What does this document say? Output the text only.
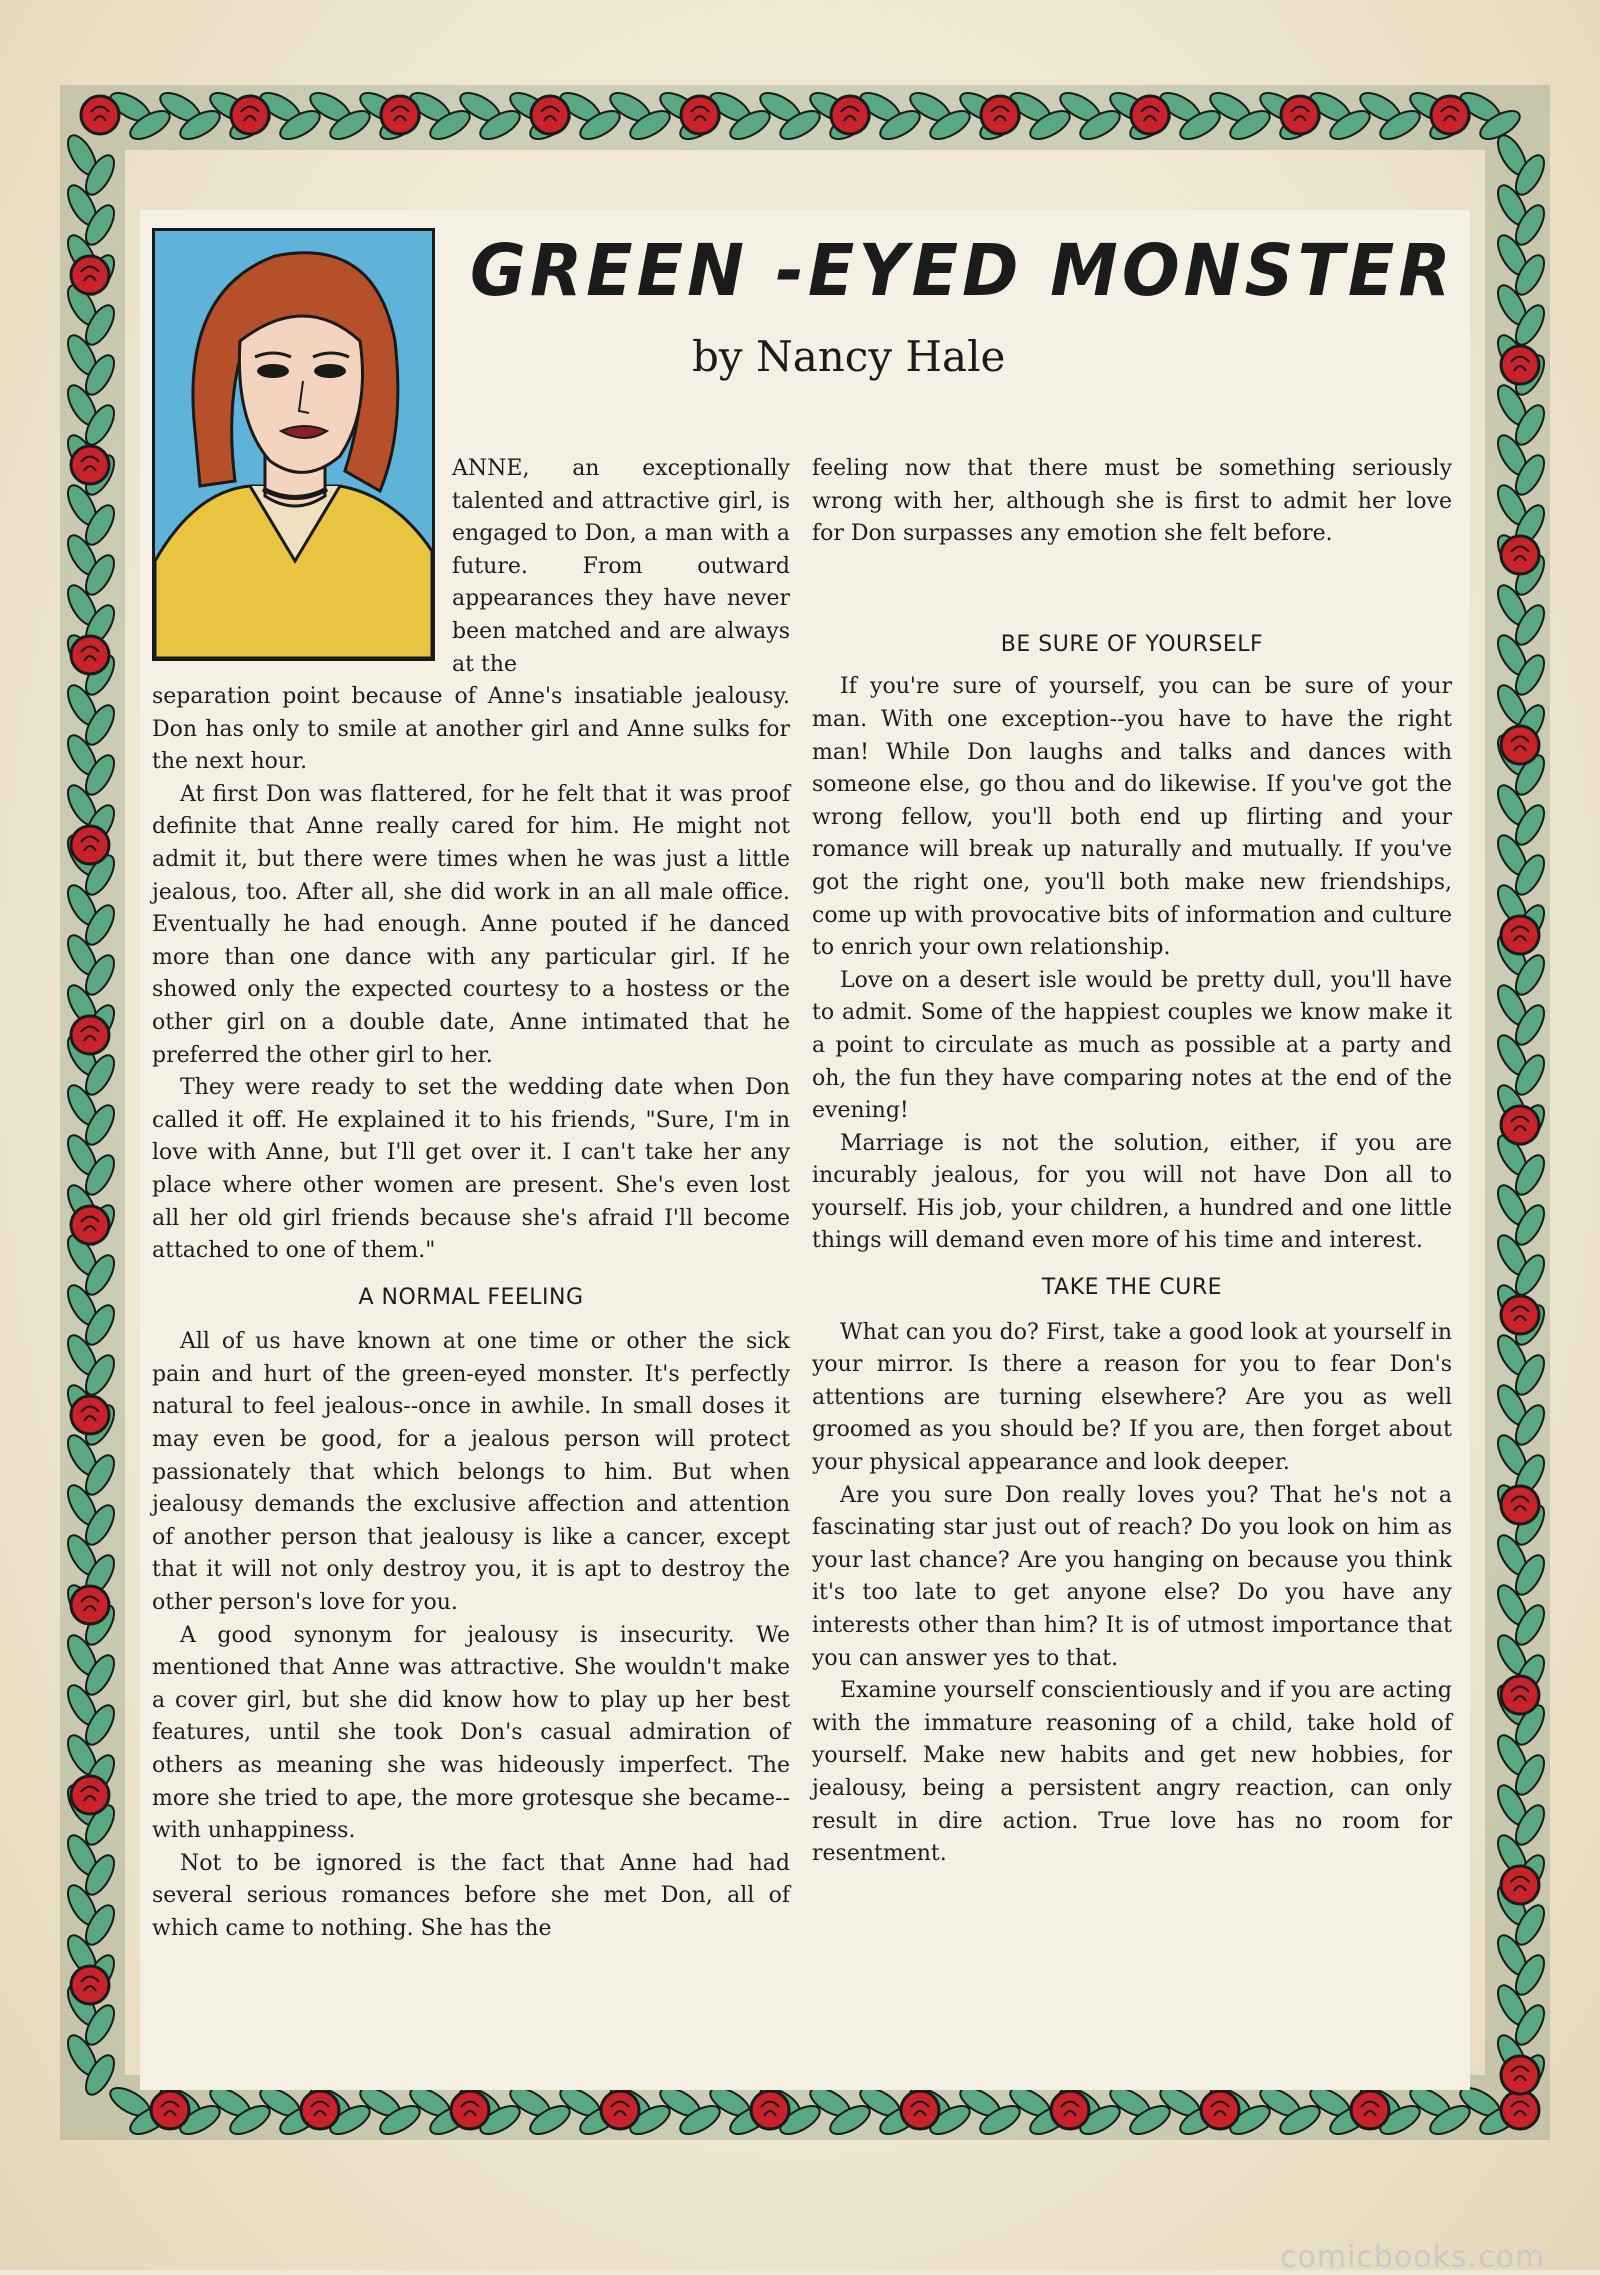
GREEN -EYED MONSTER
by Nancy Hale

ANNE, an exceptionally talented and attractive girl, is engaged to Don, a man with a future. From outward appearances they have never been matched and are always at the

separation point because of Anne's insatiable jealousy. Don has only to smile at another girl and Anne sulks for the next hour.

At first Don was flattered, for he felt that it was proof definite that Anne really cared for him. He might not admit it, but there were times when he was just a little jealous, too. After all, she did work in an all male office. Eventually he had enough. Anne pouted if he danced more than one dance with any particular girl. If he showed only the expected courtesy to a hostess or the other girl on a double date, Anne intimated that he preferred the other girl to her.

They were ready to set the wedding date when Don called it off. He explained it to his friends, "Sure, I'm in love with Anne, but I'll get over it. I can't take her any place where other women are present. She's even lost all her old girl friends because she's afraid I'll become attached to one of them."

A NORMAL FEELING

All of us have known at one time or other the sick pain and hurt of the green-eyed monster. It's perfectly natural to feel jealous--once in awhile. In small doses it may even be good, for a jealous person will protect passionately that which belongs to him. But when jealousy demands the exclusive affection and attention of another person that jealousy is like a cancer, except that it will not only destroy you, it is apt to destroy the other person's love for you.

A good synonym for jealousy is insecurity. We mentioned that Anne was attractive. She wouldn't make a cover girl, but she did know how to play up her best features, until she took Don's casual admiration of others as meaning she was hideously imperfect. The more she tried to ape, the more grotesque she became--with unhappiness.

Not to be ignored is the fact that Anne had had several serious romances before she met Don, all of which came to nothing. She has the

feeling now that there must be something seriously wrong with her, although she is first to admit her love for Don surpasses any emotion she felt before.

BE SURE OF YOURSELF

If you're sure of yourself, you can be sure of your man. With one exception--you have to have the right man! While Don laughs and talks and dances with someone else, go thou and do likewise. If you've got the wrong fellow, you'll both end up flirting and your romance will break up naturally and mutually. If you've got the right one, you'll both make new friendships, come up with provocative bits of information and culture to enrich your own relationship.

Love on a desert isle would be pretty dull, you'll have to admit. Some of the happiest couples we know make it a point to circulate as much as possible at a party and oh, the fun they have comparing notes at the end of the evening!

Marriage is not the solution, either, if you are incurably jealous, for you will not have Don all to yourself. His job, your children, a hundred and one little things will demand even more of his time and interest.

TAKE THE CURE

What can you do? First, take a good look at yourself in your mirror. Is there a reason for you to fear Don's attentions are turning elsewhere? Are you as well groomed as you should be? If you are, then forget about your physical appearance and look deeper.

Are you sure Don really loves you? That he's not a fascinating star just out of reach? Do you look on him as your last chance? Are you hanging on because you think it's too late to get anyone else? Do you have any interests other than him? It is of utmost importance that you can answer yes to that.

Examine yourself conscientiously and if you are acting with the immature reasoning of a child, take hold of yourself. Make new habits and get new hobbies, for jealousy, being a persistent angry reaction, can only result in dire action. True love has no room for resentment.

comicbooks.com
